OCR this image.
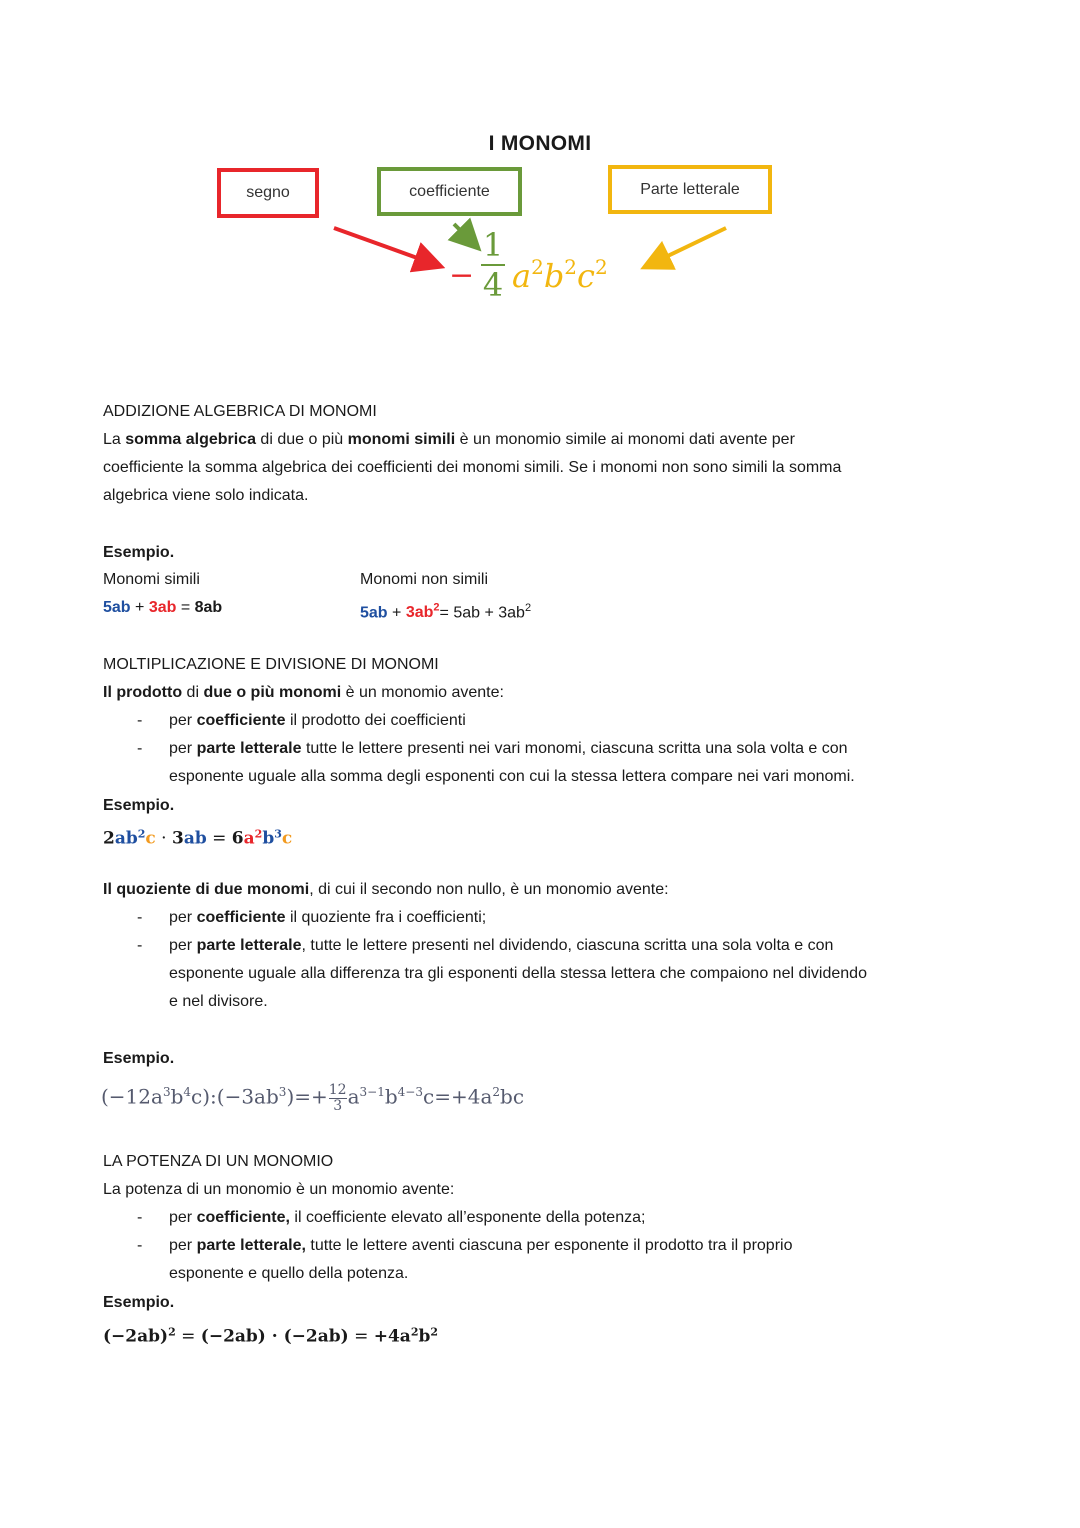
I MONOMI
segno	coefficiente	Parte letterale
−
1
4 $a^2b^2c^2$
ADDIZIONE ALGEBRICA DI MONOMI
La somma algebrica di due o più monomi simili è un monomio simile ai monomi dati avente per
coefficiente la somma algebrica dei coefficienti dei monomi simili. Se i monomi non sono simili la somma
algebrica viene solo indicata.
Esempio.
Monomi simili	Monomi non simili
5ab + 3ab = 8ab	$5ab + 3ab^2= 5ab + 3ab^2$
MOLTIPLICAZIONE E DIVISIONE DI MONOMI
Il prodotto di due o più monomi è un monomio avente:
- per coefficiente il prodotto dei coefficienti
- per parte letterale tutte le lettere presenti nei vari monomi, ciascuna scritta una sola volta e con
esponente uguale alla somma degli esponenti con cui la stessa lettera compare nei vari monomi.
Esempio.
$2ab^2c \cdot 3ab = 6a^2b^3c$
Il quoziente di due monomi, di cui il secondo non nullo, è un monomio avente:
- per coefficiente il quoziente fra i coefficienti;
- per parte letterale, tutte le lettere presenti nel dividendo, ciascuna scritta una sola volta e con
esponente uguale alla differenza tra gli esponenti della stessa lettera che compaiono nel dividendo
e nel divisore.
Esempio.
$(-12a^3b^4c):(-3ab^3)=+ \frac{12}{3} a^{3-1}b^{4-3}c=+4a^2bc$
LA POTENZA DI UN MONOMIO
La potenza di un monomio è un monomio avente:
- per coefficiente, il coefficiente elevato all’esponente della potenza;
- per parte letterale, tutte le lettere aventi ciascuna per esponente il prodotto tra il proprio
esponente e quello della potenza.
Esempio.
$(-2ab)^2 = (-2ab) \cdot (-2ab) = +4a^2b^2$
